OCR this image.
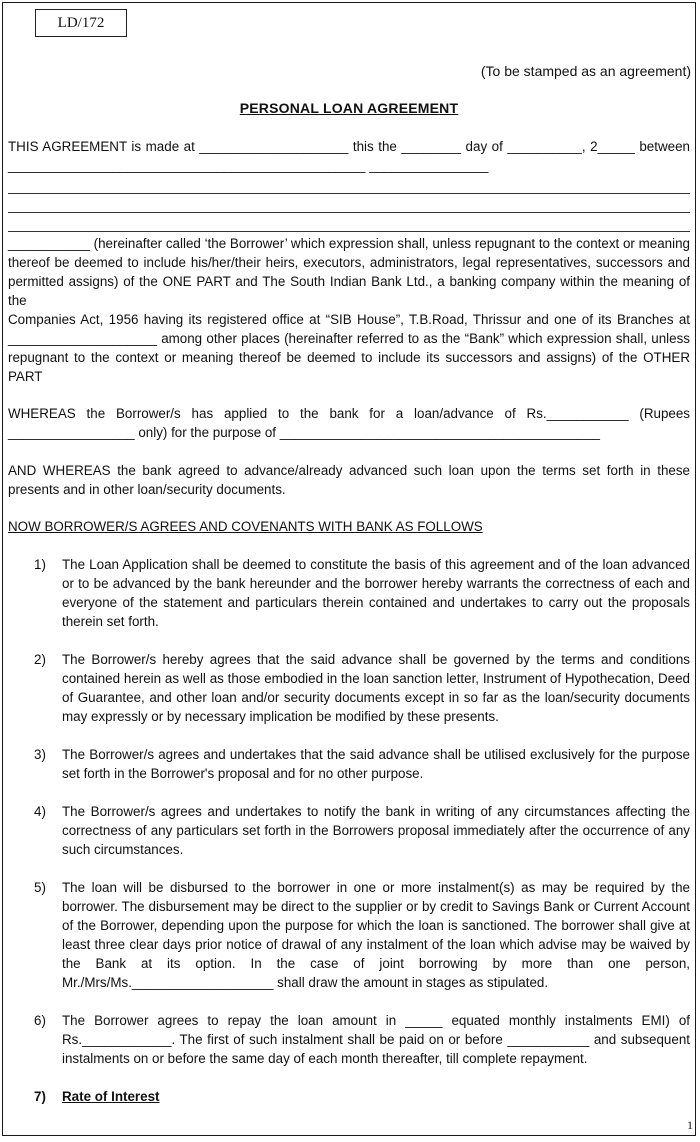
LD/172
(To be stamped as an agreement)
PERSONAL LOAN AGREEMENT

THIS AGREEMENT is made at ____________________ this the ________ day of __________, 2_____ between

________________________________________________ ________________

___________ (hereinafter called ‘the Borrower’ which expression shall, unless repugnant to the context or meaning

thereof be deemed to include his/her/their heirs, executors, administrators, legal representatives, successors and

permitted assigns) of the ONE PART and The South Indian Bank Ltd., a banking company within the meaning of the

Companies Act, 1956 having its registered office at “SIB House”, T.B.Road, Thrissur and one of its Branches at

____________________ among other places (hereinafter referred to as the “Bank” which expression shall, unless

repugnant to the context or meaning thereof be deemed to include its successors and assigns) of the OTHER PART

WHEREAS the Borrower/s has applied to the bank for a loan/advance of Rs.___________ (Rupees

_________________ only) for the purpose of ___________________________________________

AND WHEREAS the bank agreed to advance/already advanced such loan upon the terms set forth in these presents and in other loan/security documents.

NOW BORROWER/S AGREES AND COVENANTS WITH BANK AS FOLLOWS

1)	The Loan Application shall be deemed to constitute the basis of this agreement and of the loan advanced or to be advanced by the bank hereunder and the borrower hereby warrants the correctness of each and everyone of the statement and particulars therein contained and undertakes to carry out the proposals therein set forth.
2)	The Borrower/s hereby agrees that the said advance shall be governed by the terms and conditions contained herein as well as those embodied in the loan sanction letter, Instrument of Hypothecation, Deed of Guarantee, and other loan and/or security documents except in so far as the loan/security documents may expressly or by necessary implication be modified by these presents.
3)	The Borrower/s agrees and undertakes that the said advance shall be utilised exclusively for the purpose set forth in the Borrower's proposal and for no other purpose.
4)	The Borrower/s agrees and undertakes to notify the bank in writing of any circumstances affecting the correctness of any particulars set forth in the Borrowers proposal immediately after the occurrence of any such circumstances.
5)	The loan will be disbursed to the borrower in one or more instalment(s) as may be required by the borrower. The disbursement may be direct to the supplier or by credit to Savings Bank or Current Account of the Borrower, depending upon the purpose for which the loan is sanctioned. The borrower shall give at least three clear days prior notice of drawal of any instalment of the loan which advise may be waived by the Bank at its option. In the case of joint borrowing by more than one person, Mr./Mrs/Ms.___________________ shall draw the amount in stages as stipulated.
6)	The Borrower agrees to repay the loan amount in _____ equated monthly instalments EMI) of Rs.____________. The first of such instalment shall be paid on or before ___________ and subsequent instalments on or before the same day of each month thereafter, till complete repayment.
7)	Rate of Interest
1
